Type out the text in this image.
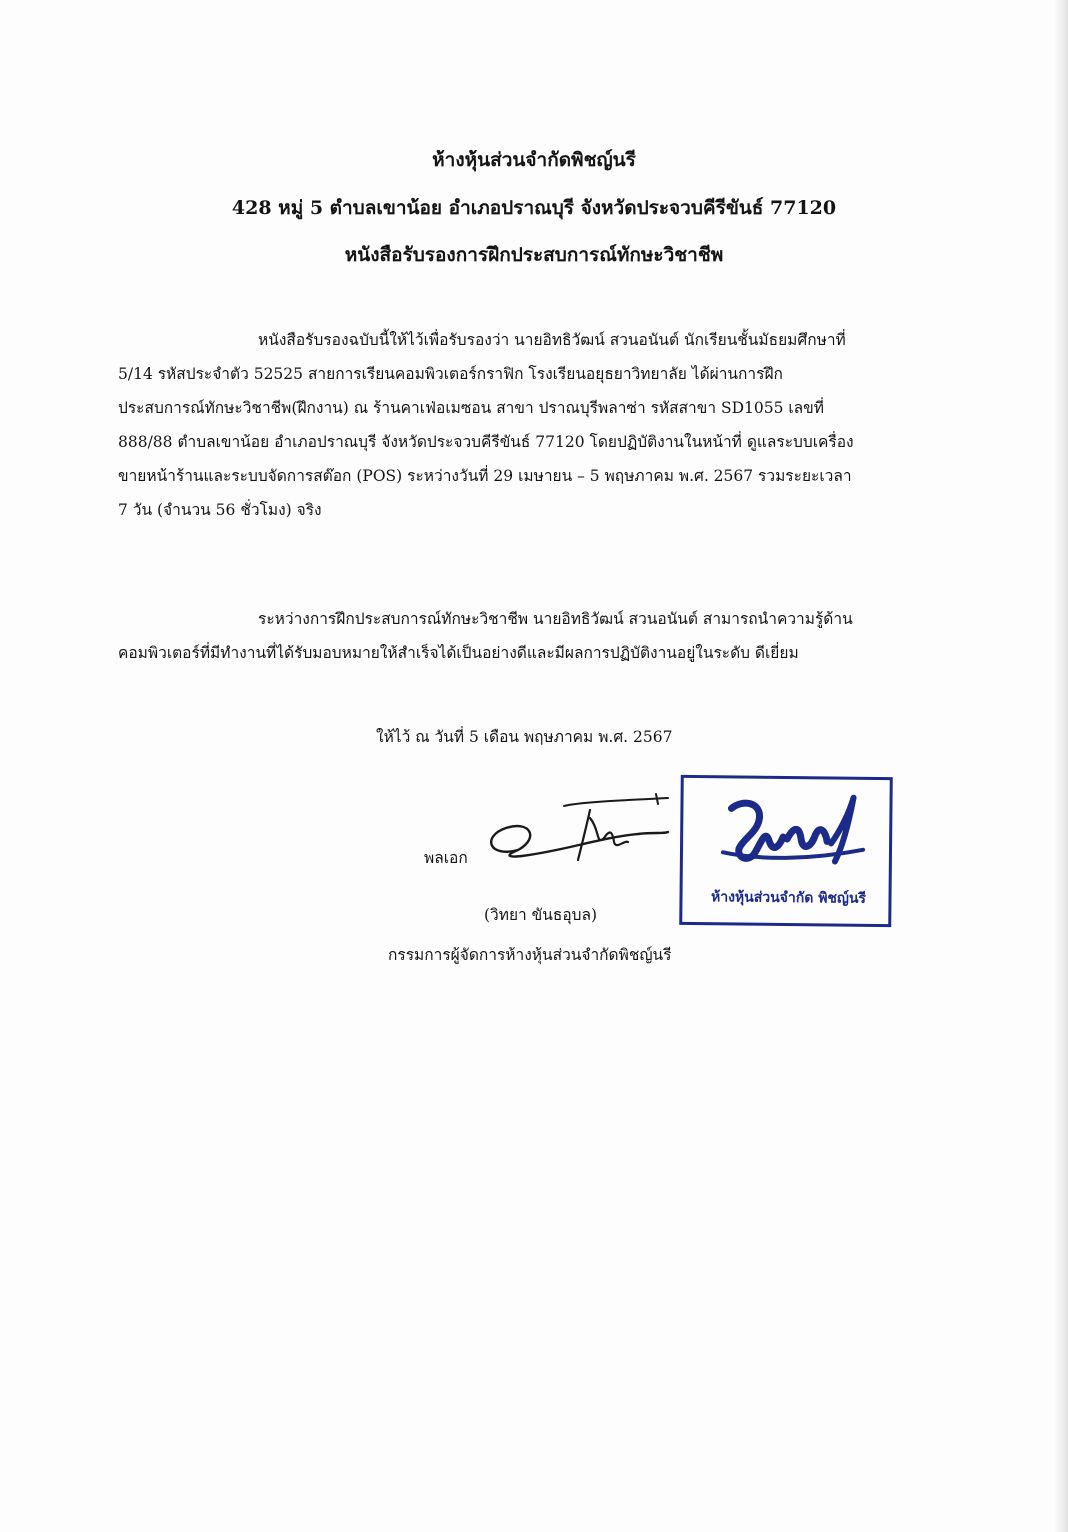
ห้างหุ้นส่วนจำกัดพิชญ์นรี
428 หมู่ 5 ตำบลเขาน้อย อำเภอปราณบุรี จังหวัดประจวบคีรีขันธ์ 77120
หนังสือรับรองการฝึกประสบการณ์ทักษะวิชาชีพ
หนังสือรับรองฉบับนี้ให้ไว้เพื่อรับรองว่า นายอิทธิวัฒน์ สวนอนันต์ นักเรียนชั้นมัธยมศึกษาที่
5/14 รหัสประจำตัว 52525 สายการเรียนคอมพิวเตอร์กราฟิก โรงเรียนอยุธยาวิทยาลัย ได้ผ่านการฝึก
ประสบการณ์ทักษะวิชาชีพ(ฝึกงาน) ณ ร้านคาเฟ่อเมซอน สาขา ปราณบุรีพลาซ่า รหัสสาขา SD1055 เลขที่
888/88 ตำบลเขาน้อย อำเภอปราณบุรี จังหวัดประจวบคีรีขันธ์ 77120 โดยปฏิบัติงานในหน้าที่ ดูแลระบบเครื่อง
ขายหน้าร้านและระบบจัดการสต๊อก (POS) ระหว่างวันที่ 29 เมษายน – 5 พฤษภาคม พ.ศ. 2567 รวมระยะเวลา
7 วัน (จำนวน 56 ชั่วโมง) จริง
ระหว่างการฝึกประสบการณ์ทักษะวิชาชีพ นายอิทธิวัฒน์ สวนอนันต์ สามารถนำความรู้ด้าน
คอมพิวเตอร์ที่มีทำงานที่ได้รับมอบหมายให้สำเร็จได้เป็นอย่างดีและมีผลการปฏิบัติงานอยู่ในระดับ ดีเยี่ยม
ให้ไว้ ณ วันที่ 5 เดือน พฤษภาคม พ.ศ. 2567
พลเอก
(วิทยา ขันธอุบล)
กรรมการผู้จัดการห้างหุ้นส่วนจำกัดพิชญ์นรี
ห้างหุ้นส่วนจำกัด พิชญ์นรี
